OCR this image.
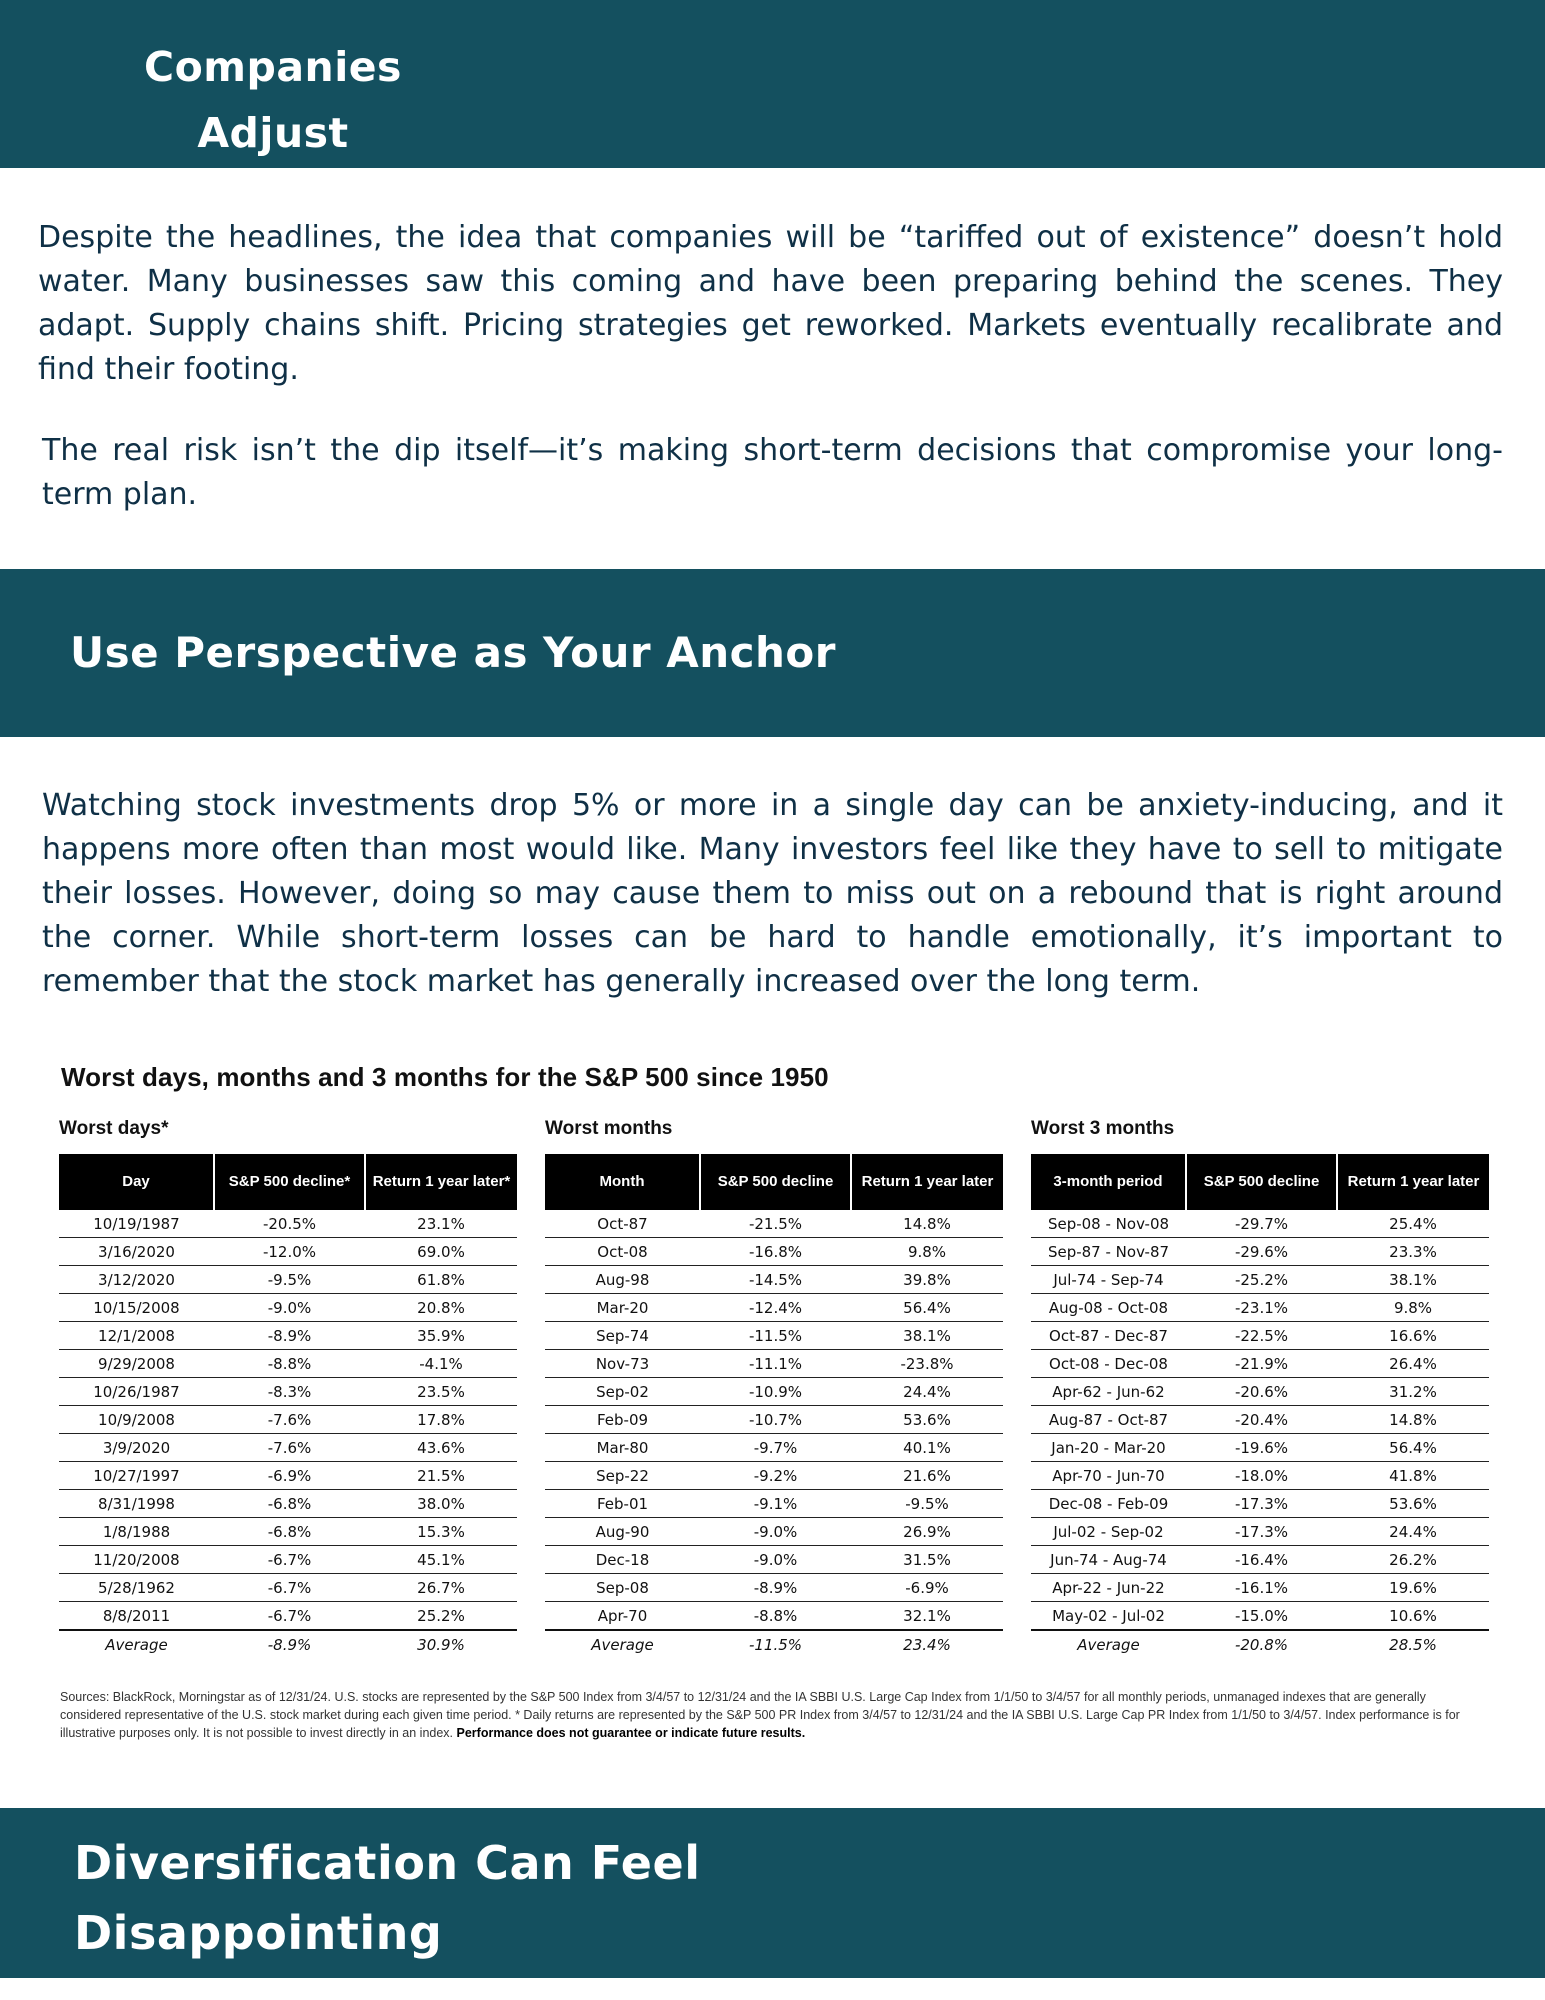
Companies Adjust
Markets Heal

Despite the headlines, the idea that companies will be “tariffed out of existence” doesn’t hold water. Many businesses saw this coming and have been preparing behind the scenes. They adapt. Supply chains shift. Pricing strategies get reworked. Markets eventually recalibrate and find their footing.

The real risk isn’t the dip itself—it’s making short-term decisions that compromise your long-term plan.

Use Perspective as Your Anchor

Watching stock investments drop 5% or more in a single day can be anxiety-inducing, and it happens more often than most would like. Many investors feel like they have to sell to mitigate their losses. However, doing so may cause them to miss out on a rebound that is right around the corner. While short-term losses can be hard to handle emotionally, it’s important to remember that the stock market has generally increased over the long term.

Worst days, months and 3 months for the S&P 500 since 1950
Worst days*
Day	S&P 500 decline*	Return 1 year later*
10/19/1987	-20.5%	23.1%
3/16/2020	-12.0%	69.0%
3/12/2020	-9.5%	61.8%
10/15/2008	-9.0%	20.8%
12/1/2008	-8.9%	35.9%
9/29/2008	-8.8%	-4.1%
10/26/1987	-8.3%	23.5%
10/9/2008	-7.6%	17.8%
3/9/2020	-7.6%	43.6%
10/27/1997	-6.9%	21.5%
8/31/1998	-6.8%	38.0%
1/8/1988	-6.8%	15.3%
11/20/2008	-6.7%	45.1%
5/28/1962	-6.7%	26.7%
8/8/2011	-6.7%	25.2%
Average	-8.9%	30.9%
Worst months
Month	S&P 500 decline	Return 1 year later
Oct-87	-21.5%	14.8%
Oct-08	-16.8%	9.8%
Aug-98	-14.5%	39.8%
Mar-20	-12.4%	56.4%
Sep-74	-11.5%	38.1%
Nov-73	-11.1%	-23.8%
Sep-02	-10.9%	24.4%
Feb-09	-10.7%	53.6%
Mar-80	-9.7%	40.1%
Sep-22	-9.2%	21.6%
Feb-01	-9.1%	-9.5%
Aug-90	-9.0%	26.9%
Dec-18	-9.0%	31.5%
Sep-08	-8.9%	-6.9%
Apr-70	-8.8%	32.1%
Average	-11.5%	23.4%
Worst 3 months
3-month period	S&P 500 decline	Return 1 year later
Sep-08 - Nov-08	-29.7%	25.4%
Sep-87 - Nov-87	-29.6%	23.3%
Jul-74 - Sep-74	-25.2%	38.1%
Aug-08 - Oct-08	-23.1%	9.8%
Oct-87 - Dec-87	-22.5%	16.6%
Oct-08 - Dec-08	-21.9%	26.4%
Apr-62 - Jun-62	-20.6%	31.2%
Aug-87 - Oct-87	-20.4%	14.8%
Jan-20 - Mar-20	-19.6%	56.4%
Apr-70 - Jun-70	-18.0%	41.8%
Dec-08 - Feb-09	-17.3%	53.6%
Jul-02 - Sep-02	-17.3%	24.4%
Jun-74 - Aug-74	-16.4%	26.2%
Apr-22 - Jun-22	-16.1%	19.6%
May-02 - Jul-02	-15.0%	10.6%
Average	-20.8%	28.5%

Sources: BlackRock, Morningstar as of 12/31/24. U.S. stocks are represented by the S&P 500 Index from 3/4/57 to 12/31/24 and the IA SBBI U.S. Large Cap Index from 1/1/50 to 3/4/57 for all monthly periods, unmanaged indexes that are generally considered representative of the U.S. stock market during each given time period. * Daily returns are represented by the S&P 500 PR Index from 3/4/57 to 12/31/24 and the IA SBBI U.S. Large Cap PR Index from 1/1/50 to 3/4/57. Index performance is for illustrative purposes only. It is not possible to invest directly in an index. Performance does not guarantee or indicate future results.

Diversification Can Feel
Disappointing
